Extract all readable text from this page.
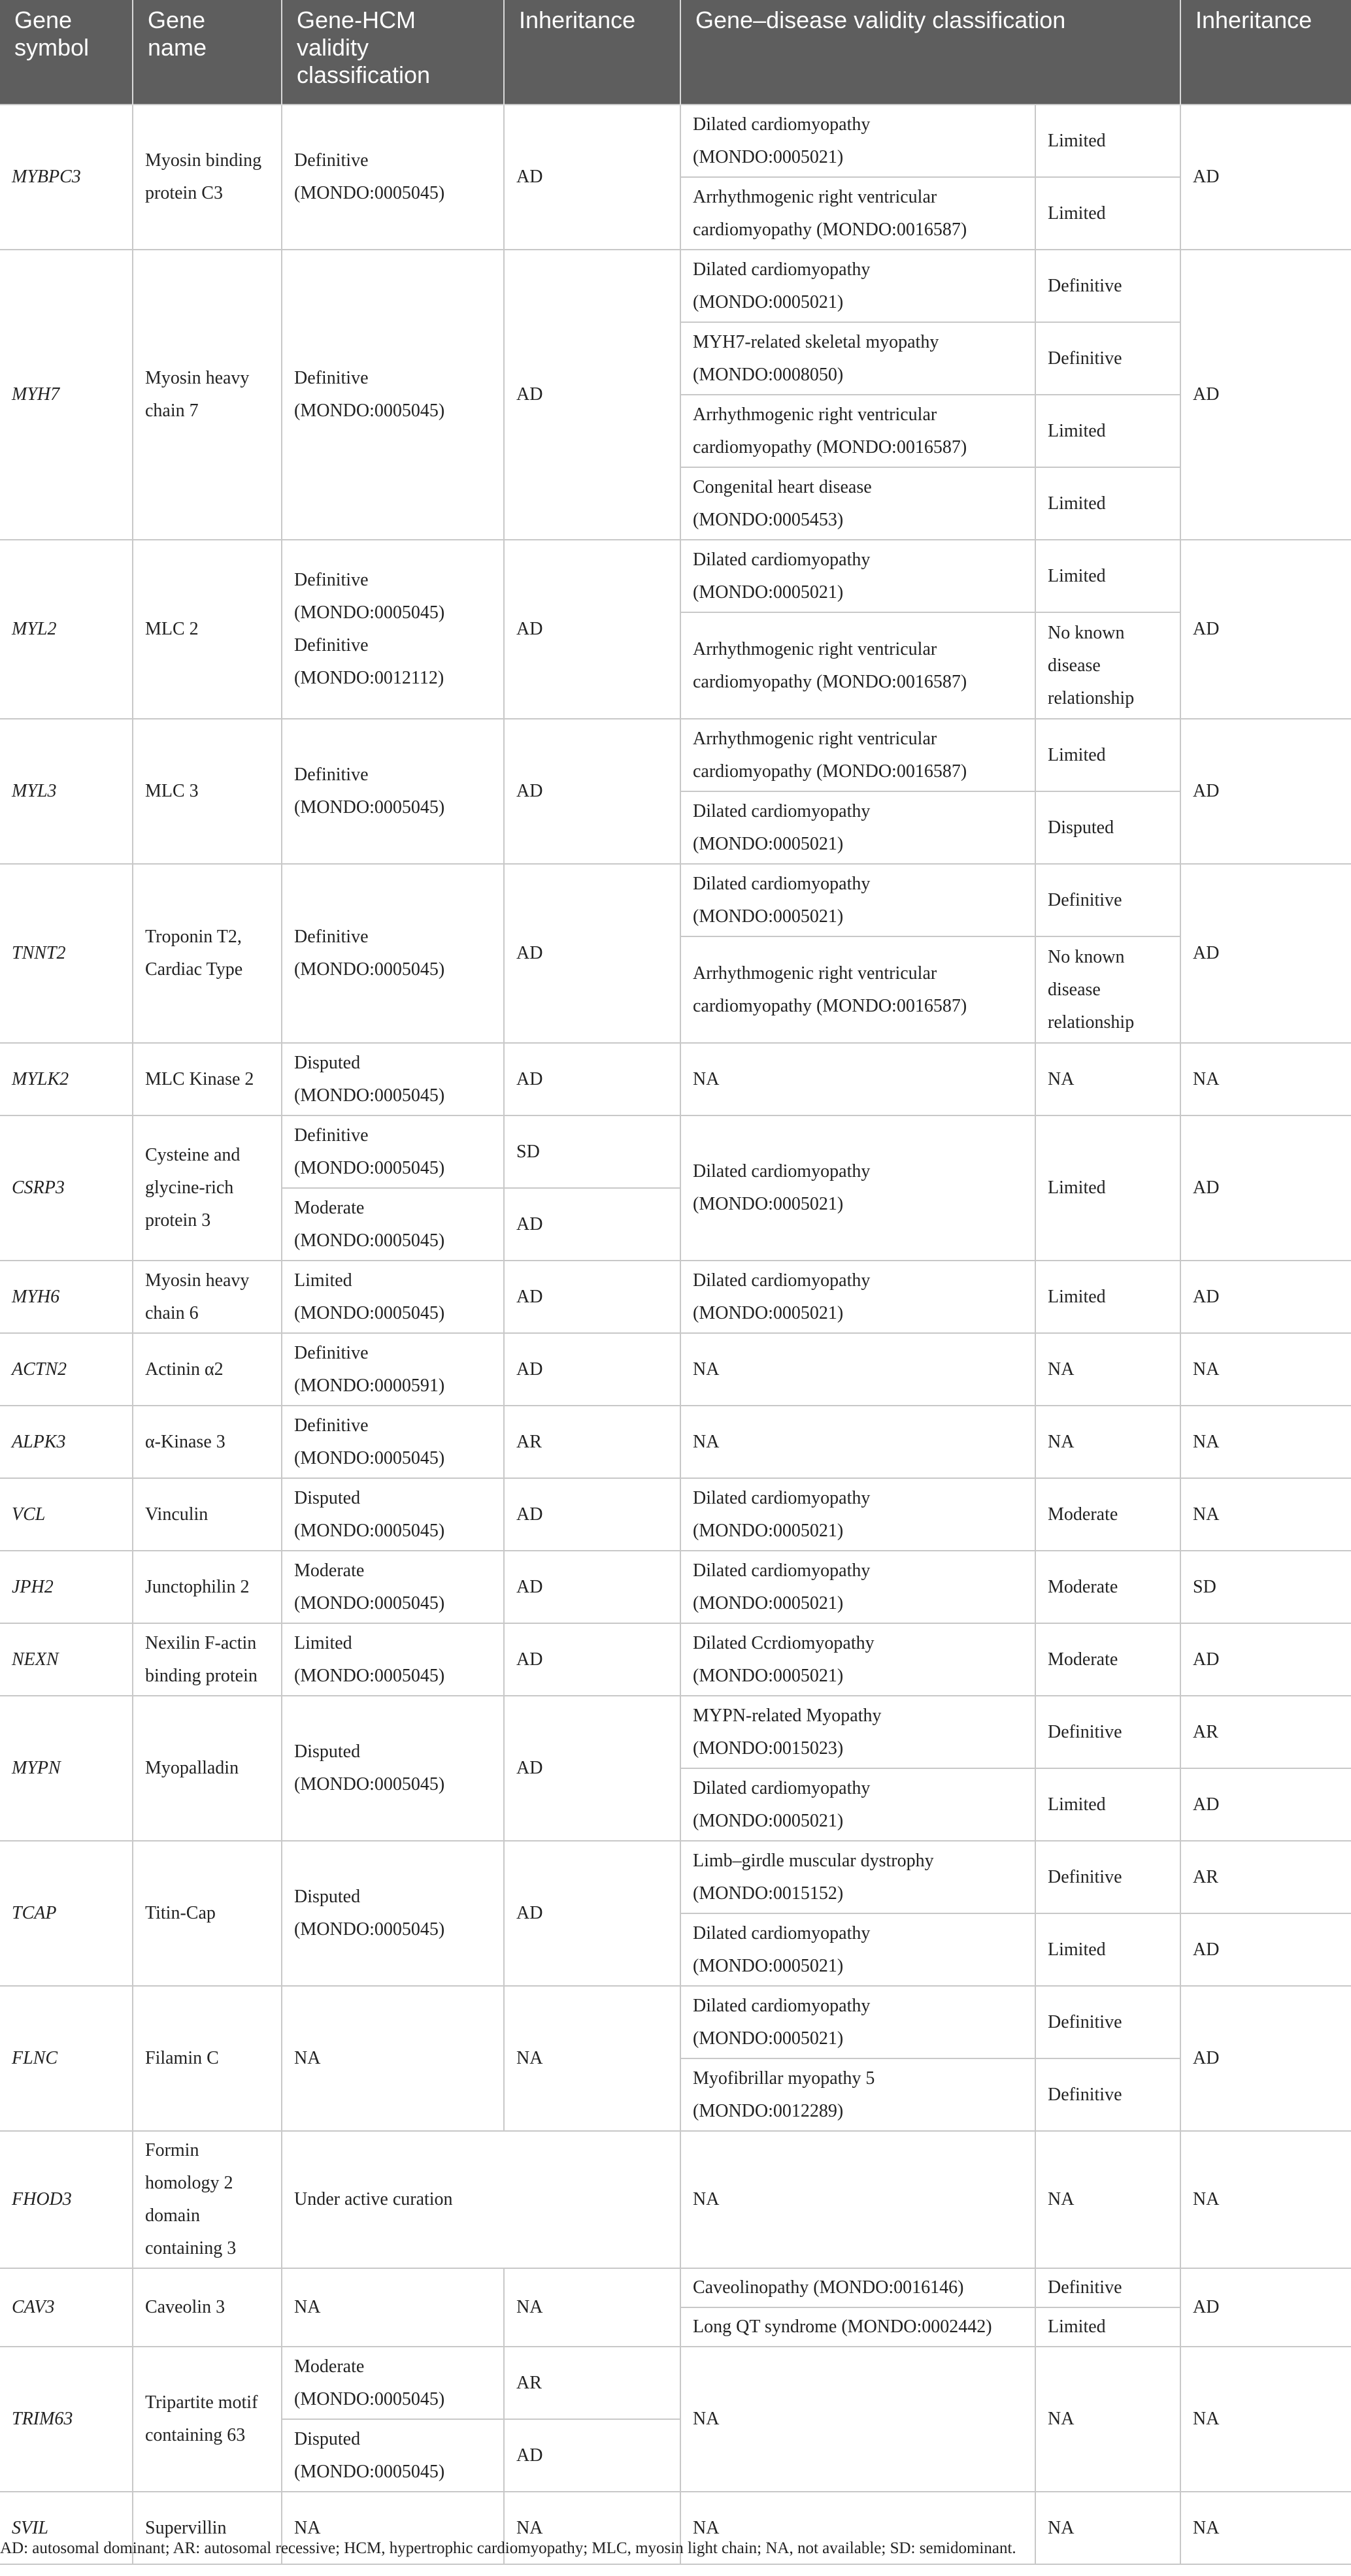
Gene symbol	Gene name	Gene-HCM validity classification	Inheritance	Gene–disease validity classification		Inheritance
MYBPC3	Myosin binding protein C3	Definitive (MONDO:0005045)	AD	Dilated cardiomyopathy (MONDO:0005021)	Limited	AD
				Arrhythmogenic right ventricular cardiomyopathy (MONDO:0016587)	Limited	
MYH7	Myosin heavy chain 7	Definitive (MONDO:0005045)	AD	Dilated cardiomyopathy (MONDO:0005021)	Definitive	AD
				MYH7-related skeletal myopathy (MONDO:0008050)	Definitive	
				Arrhythmogenic right ventricular cardiomyopathy (MONDO:0016587)	Limited	
				Congenital heart disease (MONDO:0005453)	Limited	
MYL2	MLC 2	Definitive (MONDO:0005045) Definitive (MONDO:0012112)	AD	Dilated cardiomyopathy (MONDO:0005021)	Limited	AD
				Arrhythmogenic right ventricular cardiomyopathy (MONDO:0016587)	No known disease relationship	
MYL3	MLC 3	Definitive (MONDO:0005045)	AD	Arrhythmogenic right ventricular cardiomyopathy (MONDO:0016587)	Limited	AD
				Dilated cardiomyopathy (MONDO:0005021)	Disputed	
TNNT2	Troponin T2, Cardiac Type	Definitive (MONDO:0005045)	AD	Dilated cardiomyopathy (MONDO:0005021)	Definitive	AD
				Arrhythmogenic right ventricular cardiomyopathy (MONDO:0016587)	No known disease relationship	
MYLK2	MLC Kinase 2	Disputed (MONDO:0005045)	AD	NA	NA	NA
CSRP3	Cysteine and glycine-rich protein 3	Definitive (MONDO:0005045)	SD	Dilated cardiomyopathy (MONDO:0005021)	Limited	AD
		Moderate (MONDO:0005045)	AD			
MYH6	Myosin heavy chain 6	Limited (MONDO:0005045)	AD	Dilated cardiomyopathy (MONDO:0005021)	Limited	AD
ACTN2	Actinin α2	Definitive (MONDO:0000591)	AD	NA	NA	NA
ALPK3	α-Kinase 3	Definitive (MONDO:0005045)	AR	NA	NA	NA
VCL	Vinculin	Disputed (MONDO:0005045)	AD	Dilated cardiomyopathy (MONDO:0005021)	Moderate	NA
JPH2	Junctophilin 2	Moderate (MONDO:0005045)	AD	Dilated cardiomyopathy (MONDO:0005021)	Moderate	SD
NEXN	Nexilin F-actin binding protein	Limited (MONDO:0005045)	AD	Dilated Ccrdiomyopathy (MONDO:0005021)	Moderate	AD
MYPN	Myopalladin	Disputed (MONDO:0005045)	AD	MYPN-related Myopathy (MONDO:0015023)	Definitive	AR
				Dilated cardiomyopathy (MONDO:0005021)	Limited	AD
TCAP	Titin-Cap	Disputed (MONDO:0005045)	AD	Limb–girdle muscular dystrophy (MONDO:0015152)	Definitive	AR
				Dilated cardiomyopathy (MONDO:0005021)	Limited	AD
FLNC	Filamin C	NA	NA	Dilated cardiomyopathy (MONDO:0005021)	Definitive	AD
				Myofibrillar myopathy 5 (MONDO:0012289)	Definitive	
FHOD3	Formin homology 2 domain containing 3	Under active curation		NA	NA	NA
CAV3	Caveolin 3	NA	NA	Caveolinopathy (MONDO:0016146)	Definitive	AD
				Long QT syndrome (MONDO:0002442)	Limited	
TRIM63	Tripartite motif containing 63	Moderate (MONDO:0005045)	AR	NA	NA	NA
		Disputed (MONDO:0005045)	AD			
SVIL	Supervillin	NA	NA	NA	NA	NA
AD: autosomal dominant; AR: autosomal recessive; HCM, hypertrophic cardiomyopathy; MLC, myosin light chain; NA, not available; SD: semidominant.
